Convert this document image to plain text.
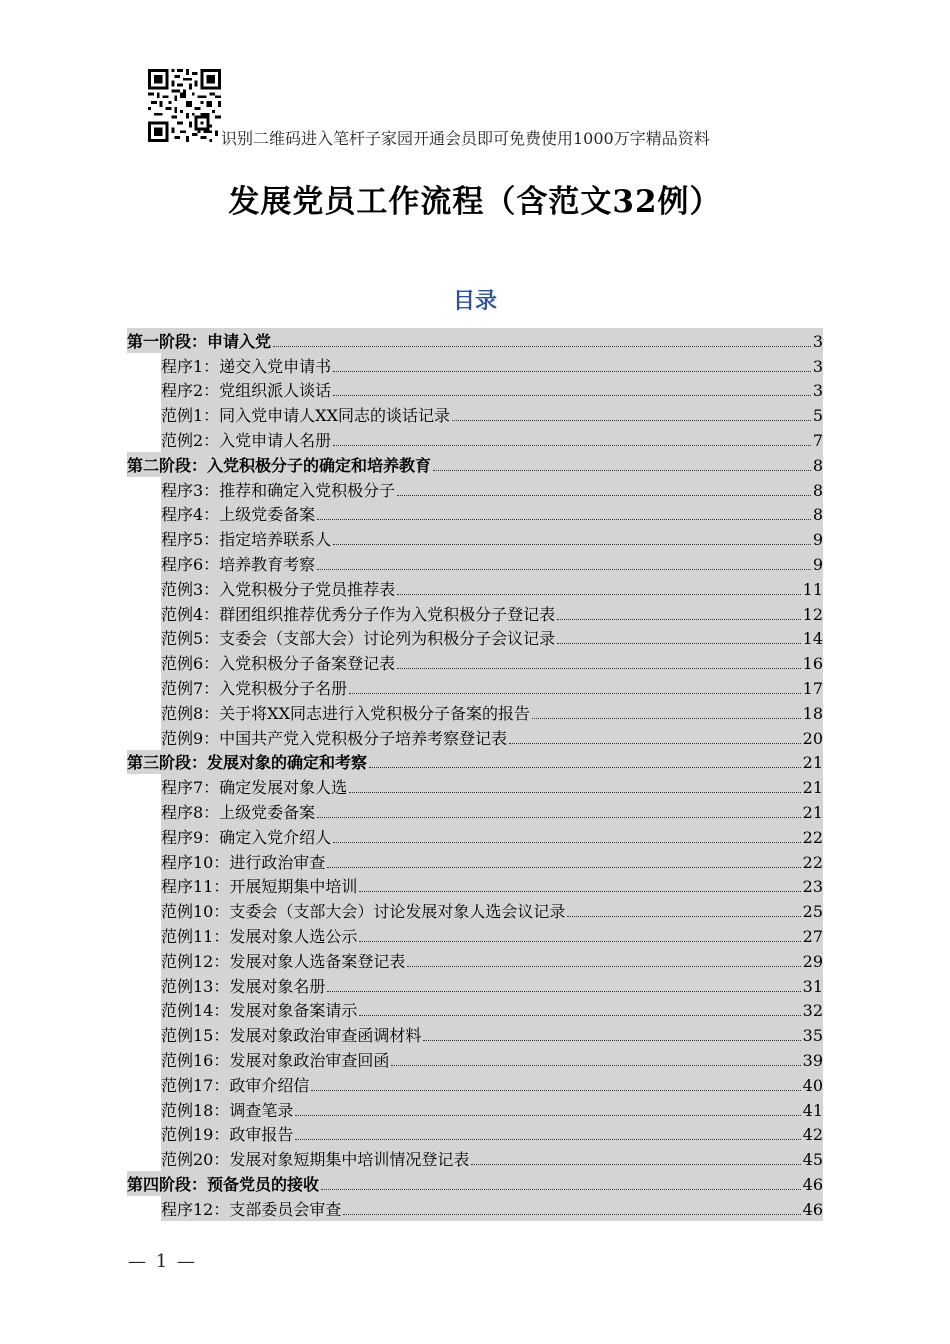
识别二维码进入笔杆子家园开通会员即可免费使用1000万字精品资料
发展党员工作流程（含范文32例）
目录
第一阶段：申请入党	3
程序1：递交入党申请书	3
程序2：党组织派人谈话	3
范例1：同入党申请人XX同志的谈话记录	5
范例2：入党申请人名册	7
第二阶段：入党积极分子的确定和培养教育	8
程序3：推荐和确定入党积极分子	8
程序4：上级党委备案	8
程序5：指定培养联系人	9
程序6：培养教育考察	9
范例3：入党积极分子党员推荐表	11
范例4：群团组织推荐优秀分子作为入党积极分子登记表	12
范例5：支委会（支部大会）讨论列为积极分子会议记录	14
范例6：入党积极分子备案登记表	16
范例7：入党积极分子名册	17
范例8：关于将XX同志进行入党积极分子备案的报告	18
范例9：中国共产党入党积极分子培养考察登记表	20
第三阶段：发展对象的确定和考察	21
程序7：确定发展对象人选	21
程序8：上级党委备案	21
程序9：确定入党介绍人	22
程序10：进行政治审查	22
程序11：开展短期集中培训	23
范例10：支委会（支部大会）讨论发展对象人选会议记录	25
范例11：发展对象人选公示	27
范例12：发展对象人选备案登记表	29
范例13：发展对象名册	31
范例14：发展对象备案请示	32
范例15：发展对象政治审查函调材料	35
范例16：发展对象政治审查回函	39
范例17：政审介绍信	40
范例18：调查笔录	41
范例19：政审报告	42
范例20：发展对象短期集中培训情况登记表	45
第四阶段：预备党员的接收	46
程序12：支部委员会审查	46
— 1 —
